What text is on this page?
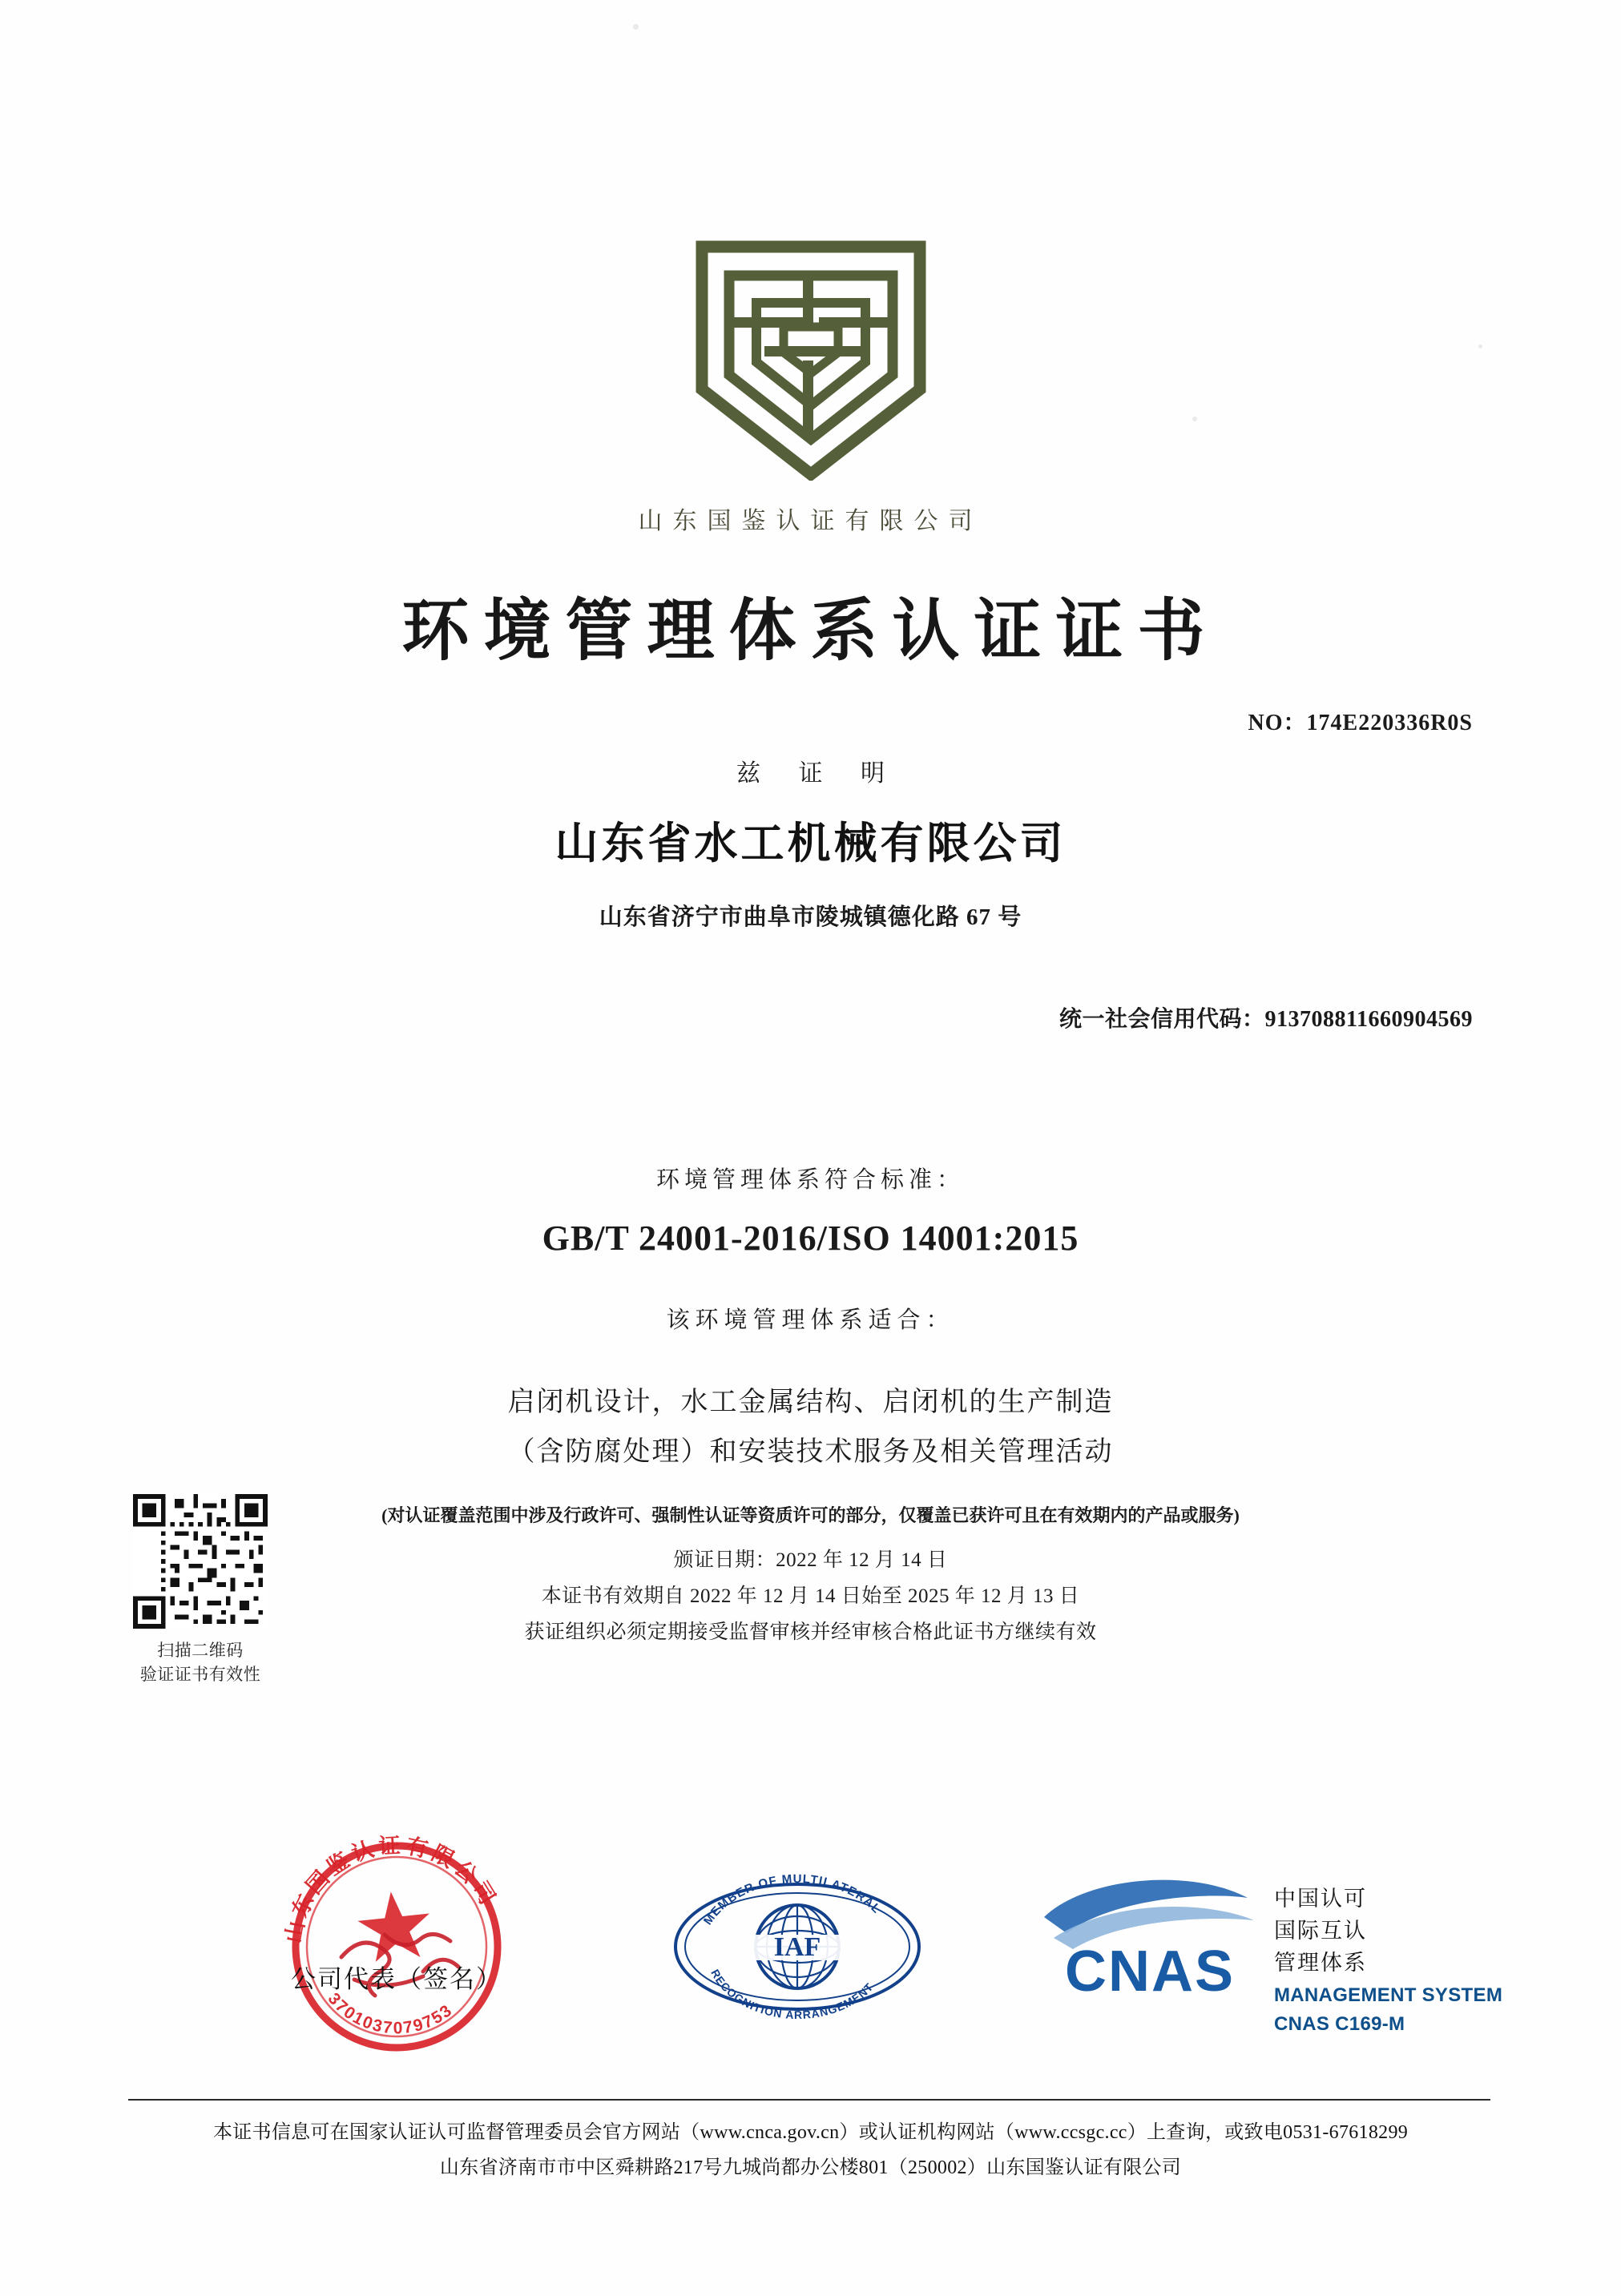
山东国鉴认证有限公司
环境管理体系认证证书
NO：174E220336R0S
兹 证 明
山东省水工机械有限公司
山东省济宁市曲阜市陵城镇德化路 67 号
统一社会信用代码：913708811660904569
环境管理体系符合标准：
GB/T 24001-2016/ISO 14001:2015
该环境管理体系适合：
启闭机设计，水工金属结构、启闭机的生产制造
（含防腐处理）和安装技术服务及相关管理活动
(对认证覆盖范围中涉及行政许可、强制性认证等资质许可的部分，仅覆盖已获许可且在有效期内的产品或服务)
颁证日期：2022 年 12 月 14 日
本证书有效期自 2022 年 12 月 14 日始至 2025 年 12 月 13 日
获证组织必须定期接受监督审核并经审核合格此证书方继续有效
扫描二维码
验证证书有效性
山东国鉴认证有限公司
3701037079753
公司代表（签名）
IAF
MEMBER OF MULTILATERAL
RECOGNITION ARRANGEMENT	CNAS
中国认可
国际互认
管理体系
MANAGEMENT SYSTEM
CNAS C169-M
本证书信息可在国家认证认可监督管理委员会官方网站（www.cnca.gov.cn）或认证机构网站（www.ccsgc.cc）上查询，或致电0531-67618299
山东省济南市市中区舜耕路217号九城尚都办公楼801（250002）山东国鉴认证有限公司
